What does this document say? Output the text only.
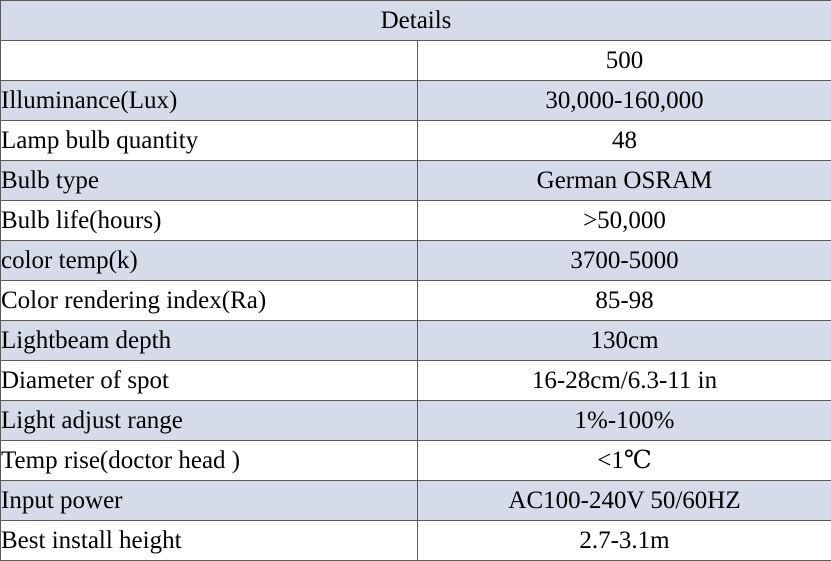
Details	
	500
Illuminance(Lux)	30,000-160,000
Lamp bulb quantity	48
Bulb type	German OSRAM
Bulb life(hours)	>50,000
color temp(k)	3700-5000
Color rendering index(Ra)	85-98
Lightbeam depth	130cm
Diameter of spot	16-28cm/6.3-11 in
Light adjust range	1%-100%
Temp rise(doctor head )	<1℃
Input power	AC100-240V 50/60HZ
Best install height	2.7-3.1m
